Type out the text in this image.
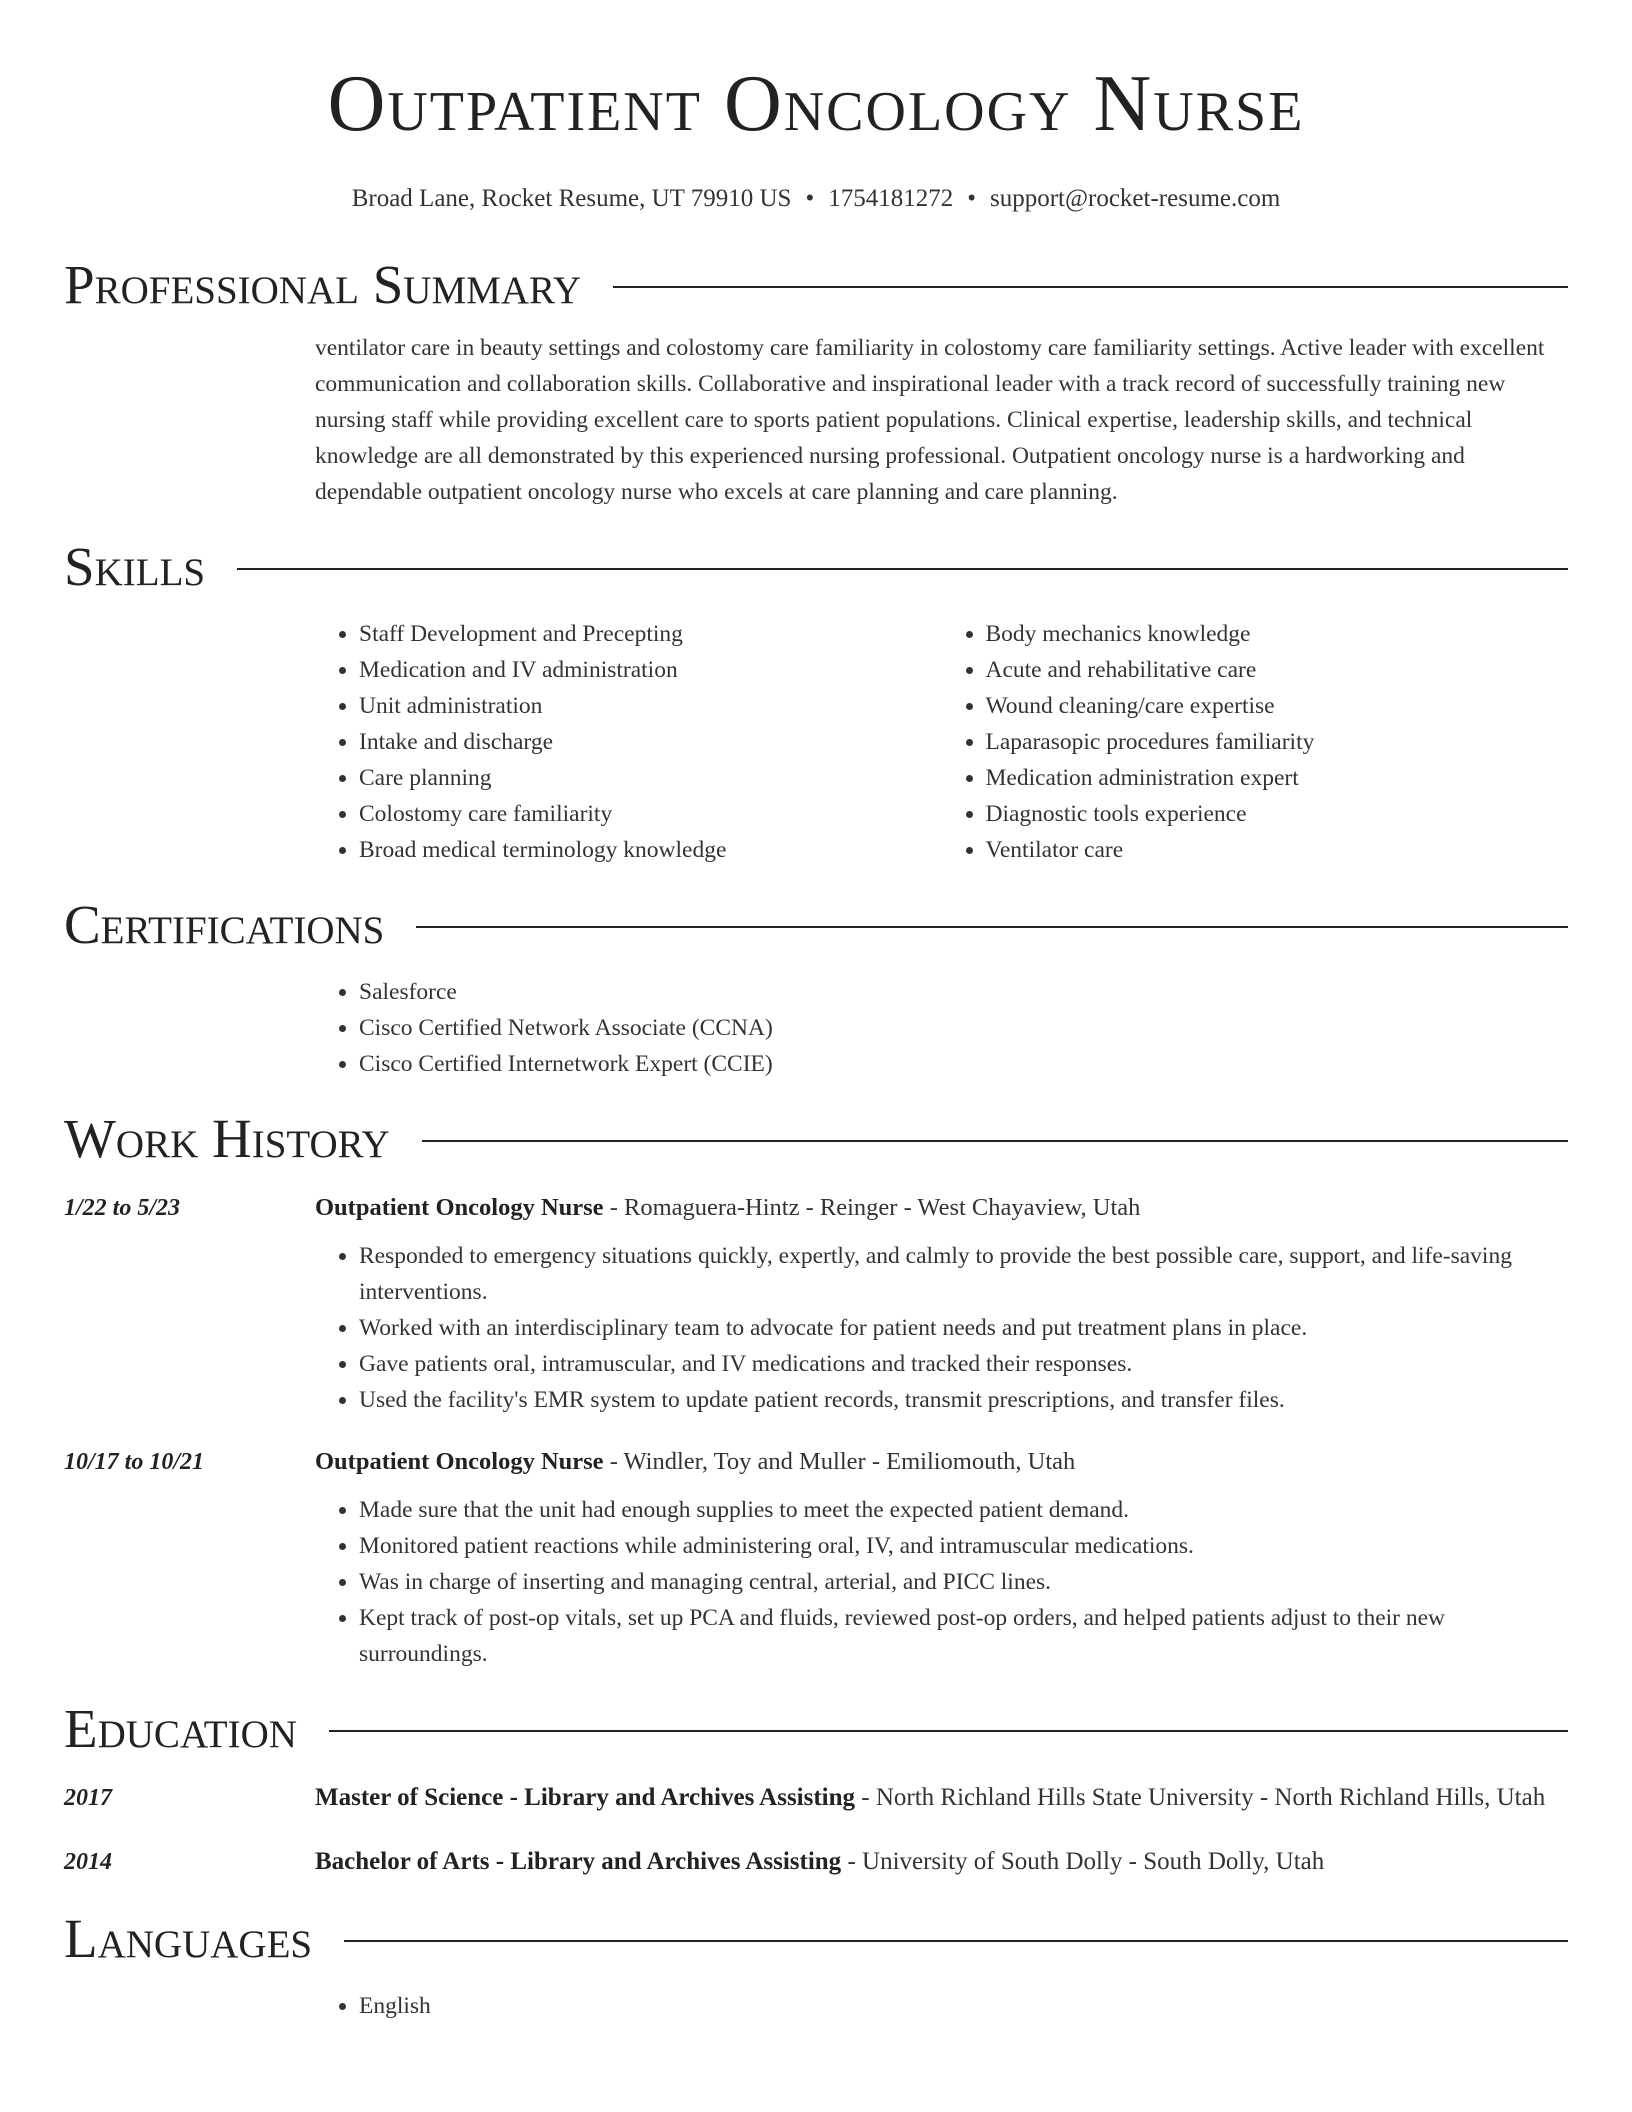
Outpatient Oncology Nurse
Broad Lane, Rocket Resume, UT 79910 US • 1754181272 • support@rocket-resume.com
Professional Summary
ventilator care in beauty settings and colostomy care familiarity in colostomy care familiarity settings. Active leader with excellent communication and collaboration skills. Collaborative and inspirational leader with a track record of successfully training new nursing staff while providing excellent care to sports patient populations. Clinical expertise, leadership skills, and technical knowledge are all demonstrated by this experienced nursing professional. Outpatient oncology nurse is a hardworking and dependable outpatient oncology nurse who excels at care planning and care planning.
Skills
• Staff Development and Precepting
• Medication and IV administration
• Unit administration
• Intake and discharge
• Care planning
• Colostomy care familiarity
• Broad medical terminology knowledge
• Body mechanics knowledge
• Acute and rehabilitative care
• Wound cleaning/care expertise
• Laparasopic procedures familiarity
• Medication administration expert
• Diagnostic tools experience
• Ventilator care
Certifications
• Salesforce
• Cisco Certified Network Associate (CCNA)
• Cisco Certified Internetwork Expert (CCIE)
Work History
1/22 to 5/23	Outpatient Oncology Nurse - Romaguera-Hintz - Reinger - West Chayaview, Utah
• Responded to emergency situations quickly, expertly, and calmly to provide the best possible care, support, and life-saving interventions.
• Worked with an interdisciplinary team to advocate for patient needs and put treatment plans in place.
• Gave patients oral, intramuscular, and IV medications and tracked their responses.
• Used the facility's EMR system to update patient records, transmit prescriptions, and transfer files.
10/17 to 10/21	Outpatient Oncology Nurse - Windler, Toy and Muller - Emiliomouth, Utah
• Made sure that the unit had enough supplies to meet the expected patient demand.
• Monitored patient reactions while administering oral, IV, and intramuscular medications.
• Was in charge of inserting and managing central, arterial, and PICC lines.
• Kept track of post-op vitals, set up PCA and fluids, reviewed post-op orders, and helped patients adjust to their new surroundings.
Education
2017	Master of Science - Library and Archives Assisting - North Richland Hills State University - North Richland Hills, Utah
2014	Bachelor of Arts - Library and Archives Assisting - University of South Dolly - South Dolly, Utah
Languages
• English
